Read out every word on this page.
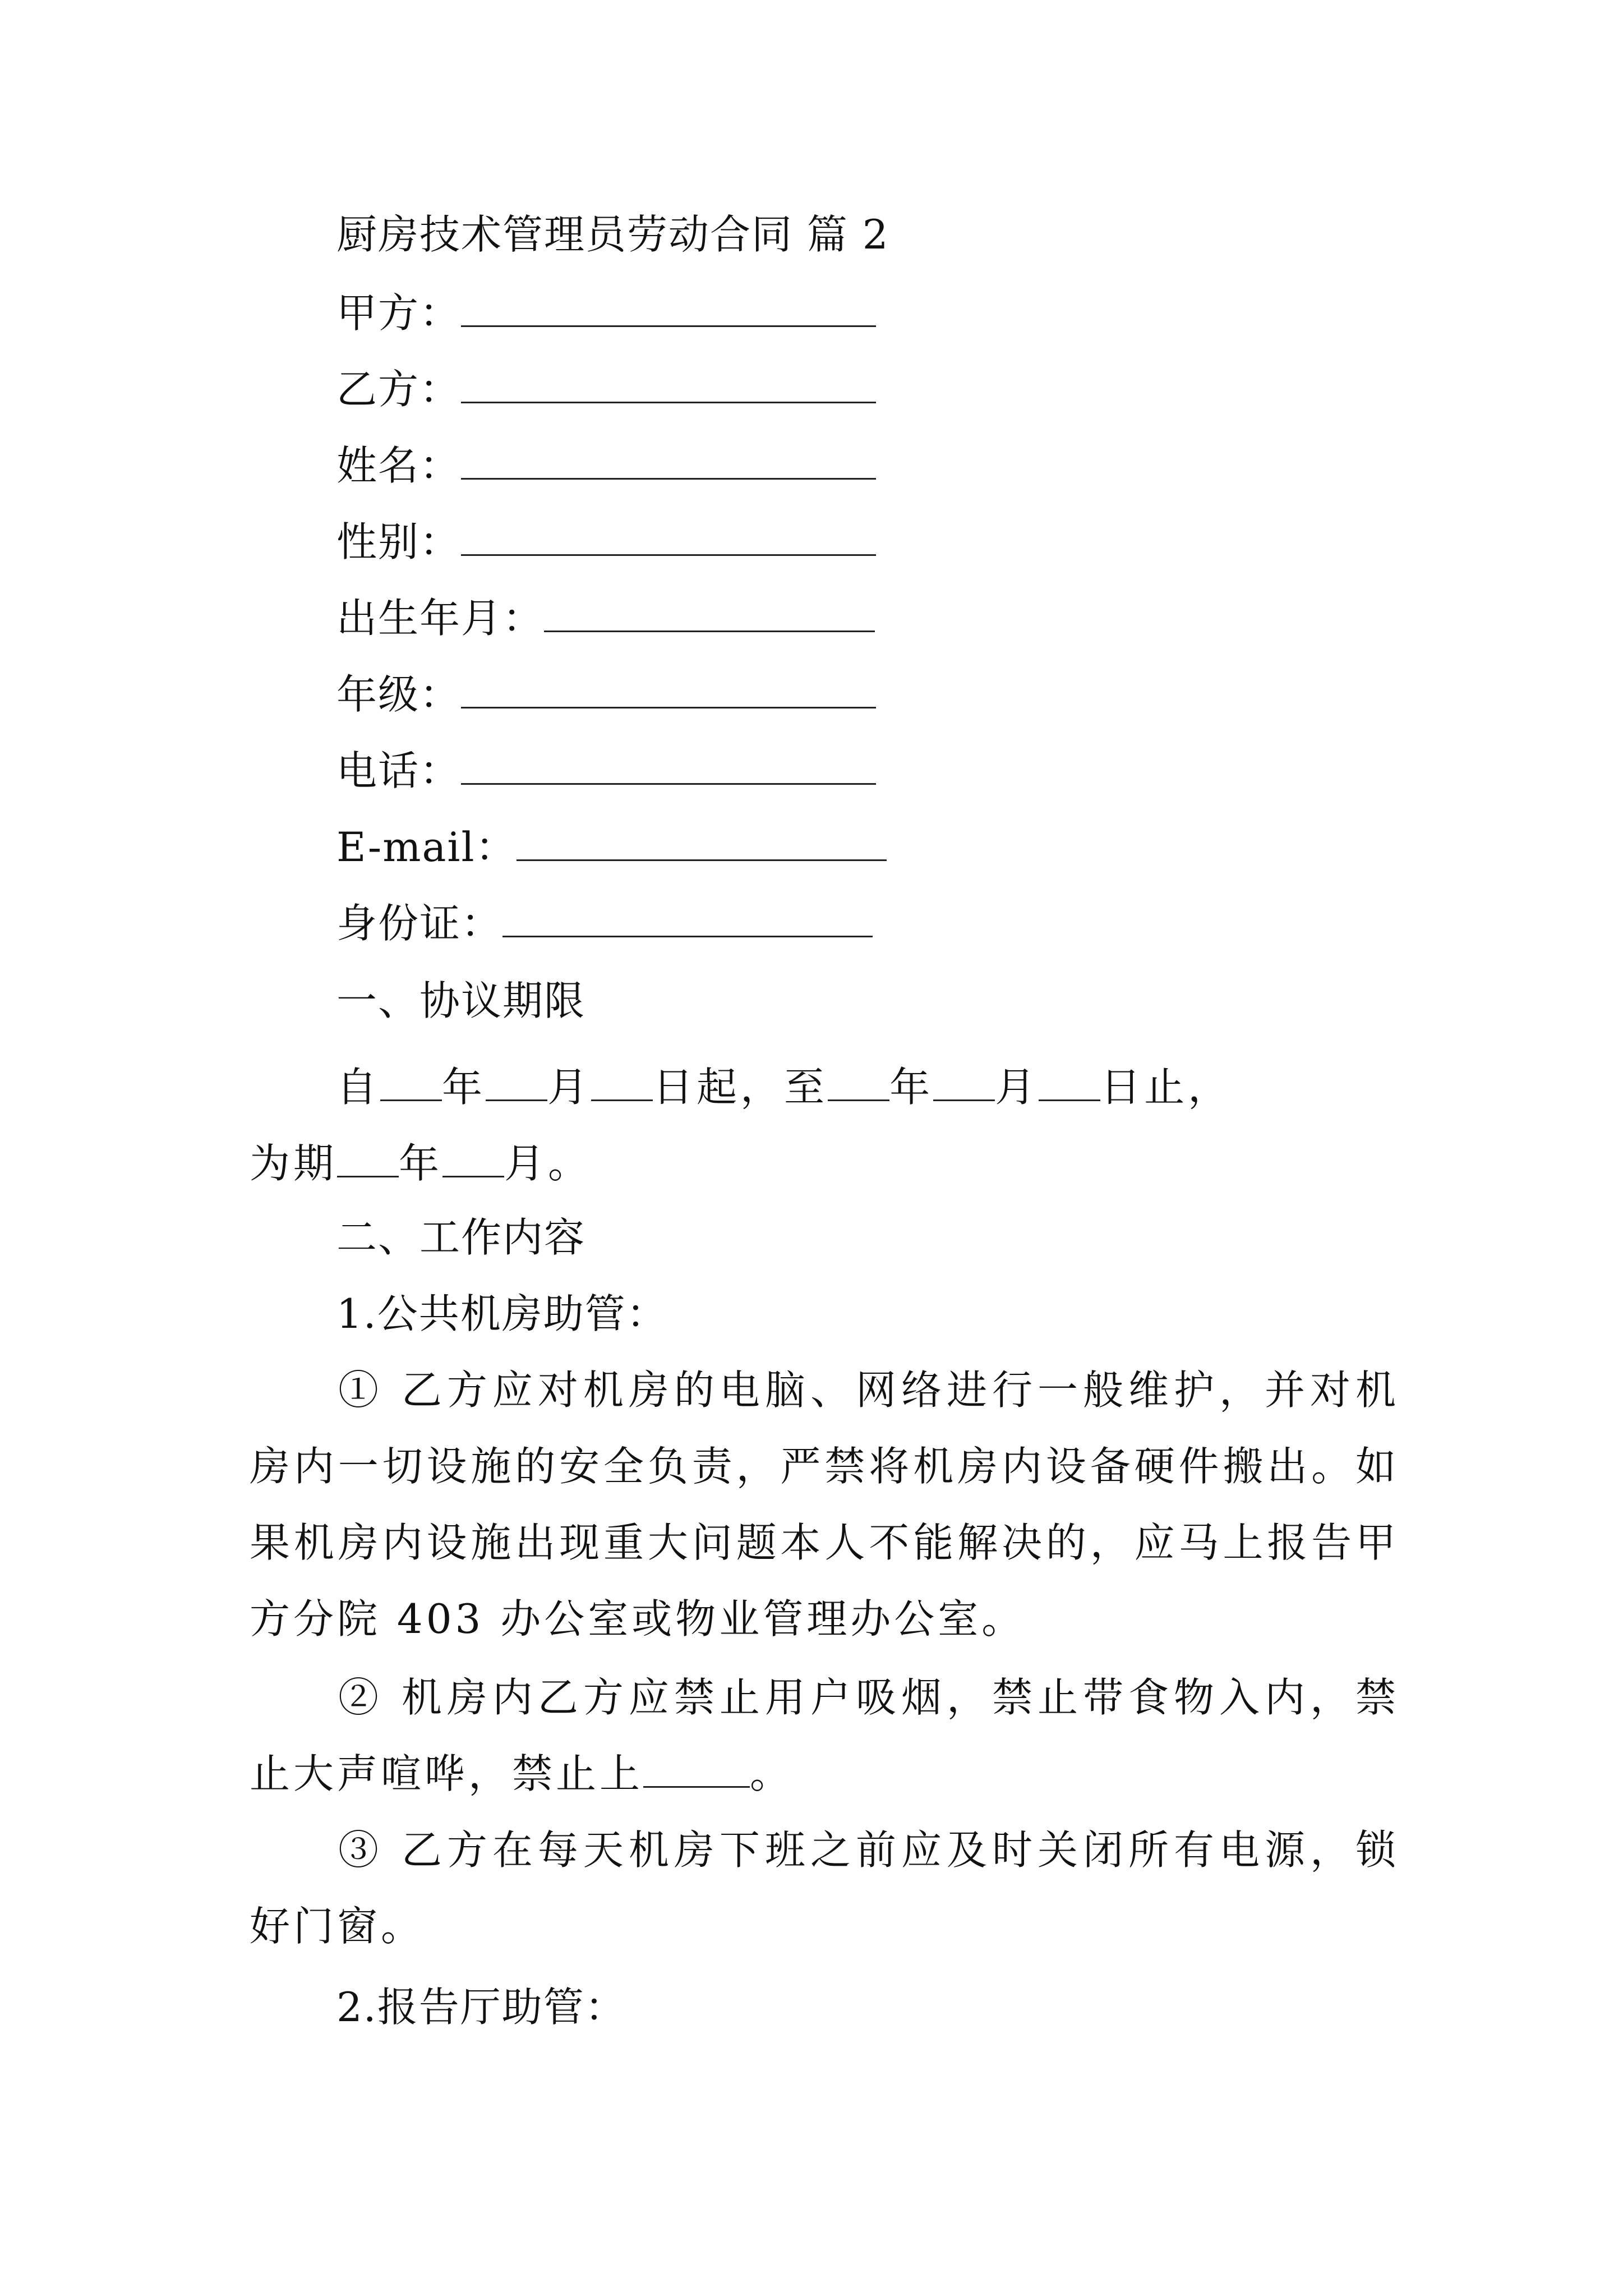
厨房技术管理员劳动合同 篇 2
甲方：
乙方：
姓名：
性别：
出生年月：
年级：
电话：
E-mail：
身份证：
一、协议期限
自 年 月 日起，至 年 月 日止，
为期 年 月。
二、工作内容
1.公共机房助管：
① 乙方应对机房的电脑、网络进行一般维护，并对机房内一切设施的安全负责，严禁将机房内设备硬件搬出。如果机房内设施出现重大问题本人不能解决的，应马上报告甲方分院 403 办公室或物业管理办公室。
② 机房内乙方应禁止用户吸烟，禁止带食物入内，禁止大声喧哗，禁止上	。
③ 乙方在每天机房下班之前应及时关闭所有电源，锁好门窗。
2.报告厅助管：
